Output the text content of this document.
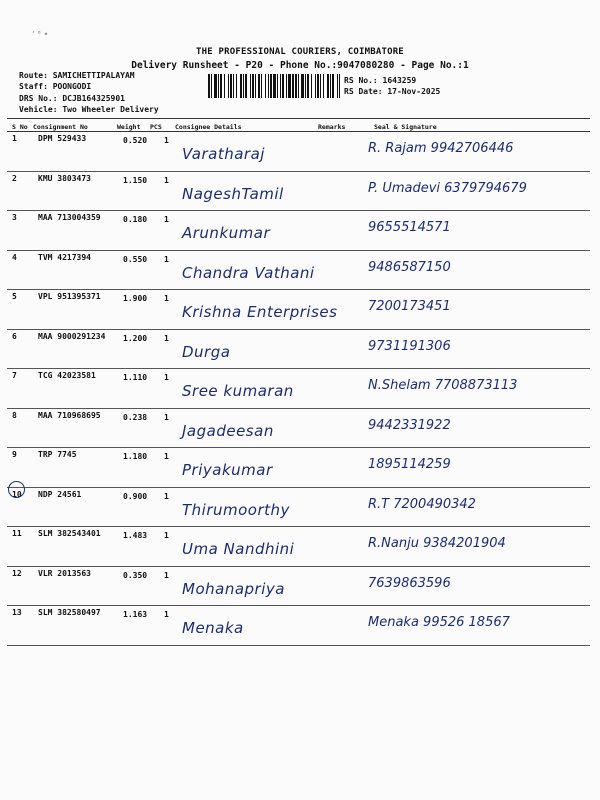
’ ° •
THE PROFESSIONAL COURIERS, COIMBATORE
Delivery Runsheet - P20 - Phone No.:9047080280 - Page No.:1
Route: SAMICHETTIPALAYAM
Staff: POONGODI
DRS No.: DCJB164325901
Vehicle: Two Wheeler Delivery
RS No.: 1643259
RS Date: 17-Nov-2025
S No Consignment No	Weight PCS Consignee Details	Remarks	Seal & Signature
1	DPM 529433	0.520 1
Varatharaj	R. Rajam 9942706446
2	KMU 3803473	1.150 1
NageshTamil	P. Umadevi 6379794679
3	MAA 713004359	0.180 1
Arunkumar	9655514571
4	TVM 4217394	0.550 1
Chandra Vathani	9486587150
5	VPL 951395371	1.900 1
Krishna Enterprises 7200173451
6	MAA 9000291234 1.200 1
Durga	9731191306
7	TCG 42023581	1.110 1
Sree kumaran	N.Shelam 7708873113
8	MAA 710968695	0.238 1
Jagadeesan	9442331922
9	TRP 7745	1.180 1
Priyakumar	1895114259
10 NDP 24561	0.900 1
Thirumoorthy	R.T 7200490342
11 SLM 382543401	1.483 1
Uma Nandhini	R.Nanju 9384201904
12 VLR 2013563	0.350 1
Mohanapriya	7639863596
13 SLM 382580497	1.163 1
Menaka	Menaka 99526 18567
